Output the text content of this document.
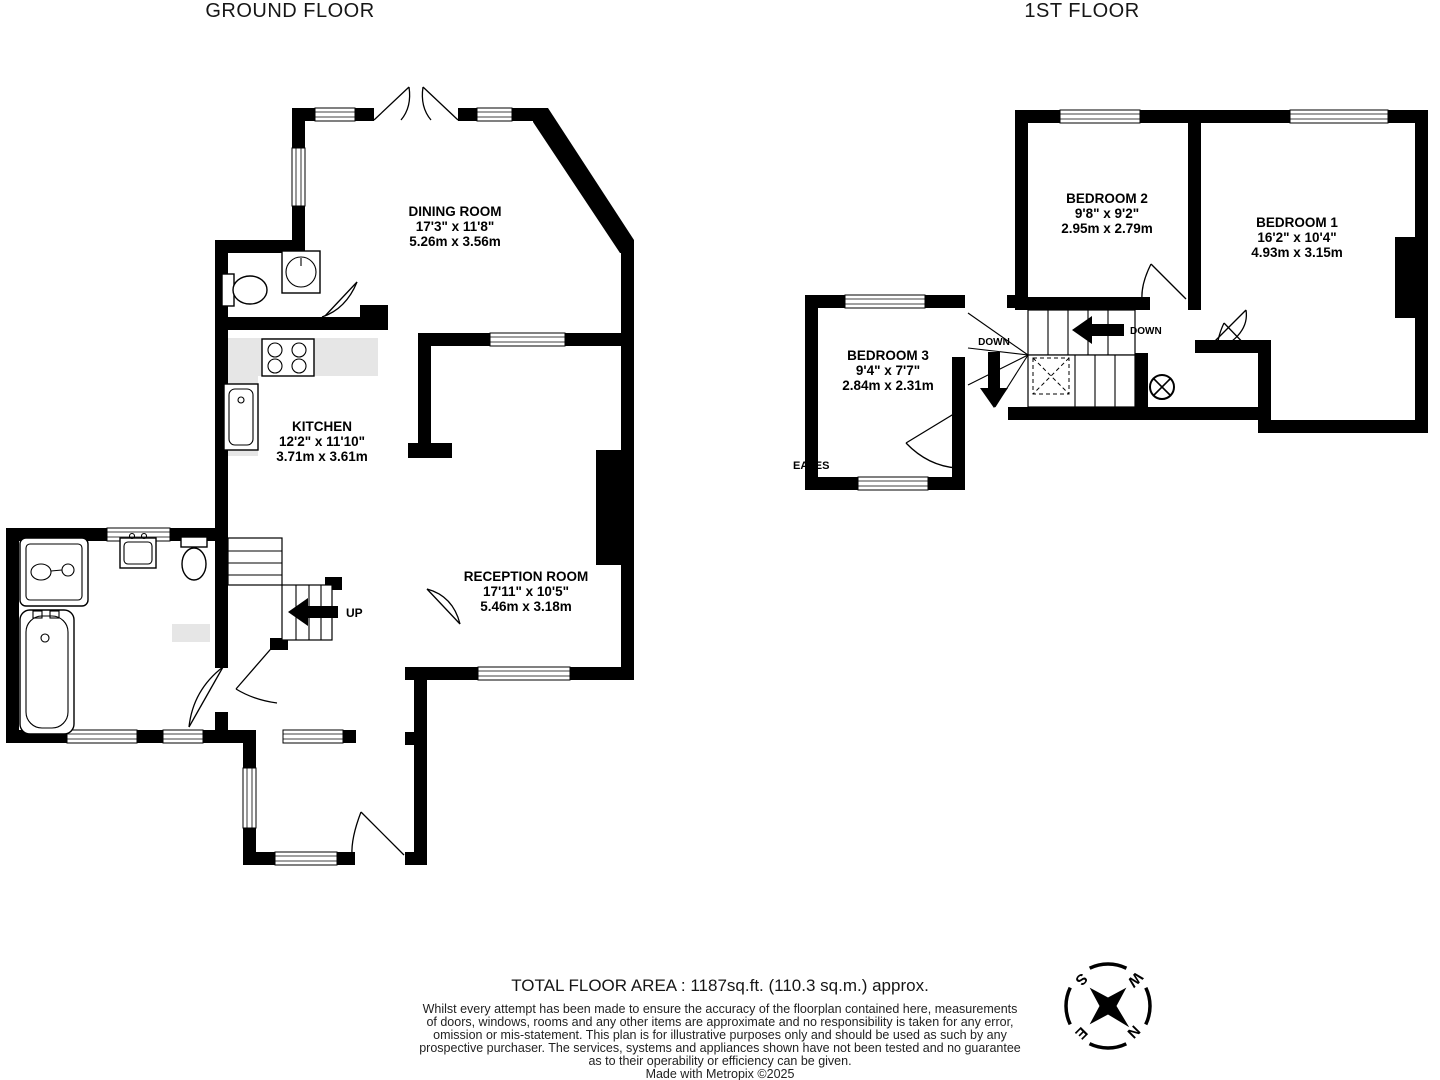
GROUND FLOOR	1ST FLOOR
UP
DINING ROOM
17'3" x 11'8"
5.26m x 3.56m
KITCHEN
12'2" x 11'10"
3.71m x 3.61m
RECEPTION ROOM
17'11" x 10'5"
5.46m x 3.18m
DOWN
DOWN
EAVES
BEDROOM 2
9'8" x 9'2"
2.95m x 2.79m	BEDROOM 1
16'2" x 10'4"
4.93m x 3.15m
BEDROOM 3
9'4" x 7'7"
2.84m x 2.31m
N
E
S W
TOTAL FLOOR AREA : 1187sq.ft. (110.3 sq.m.) approx.
Whilst every attempt has been made to ensure the accuracy of the floorplan contained here, measurements
of doors, windows, rooms and any other items are approximate and no responsibility is taken for any error,
omission or mis-statement. This plan is for illustrative purposes only and should be used as such by any
prospective purchaser. The services, systems and appliances shown have not been tested and no guarantee
as to their operability or efficiency can be given.
Made with Metropix ©2025
